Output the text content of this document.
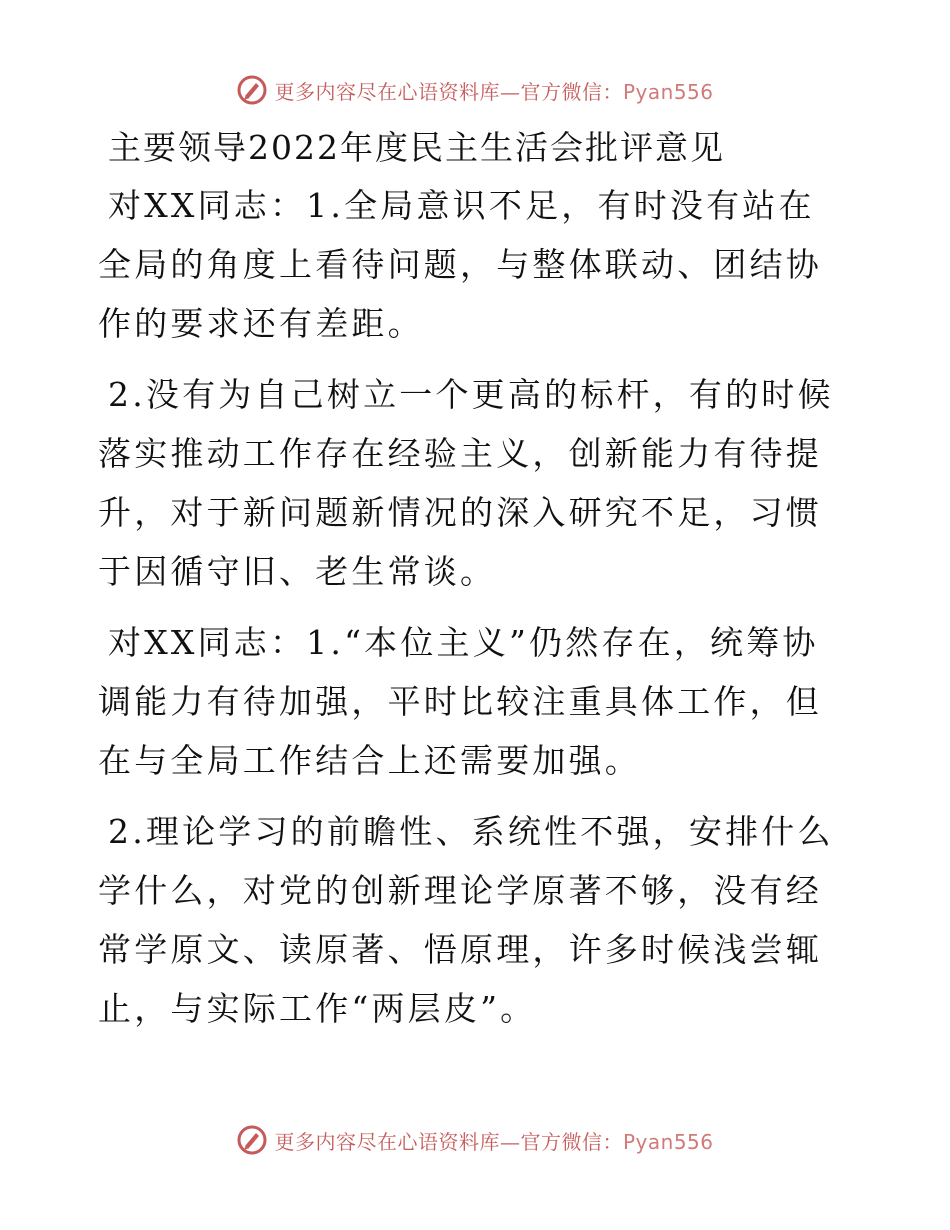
更多内容尽在心语资料库—官方微信：Pyan556
主要领导2022年度民主生活会批评意见

对XX同志：1.全局意识不足，有时没有站在全局的角度上看待问题，与整体联动、团结协作的要求还有差距。

2.没有为自己树立一个更高的标杆，有的时候落实推动工作存在经验主义，创新能力有待提升，对于新问题新情况的深入研究不足，习惯于因循守旧、老生常谈。

对XX同志：1.“本位主义”仍然存在，统筹协调能力有待加强，平时比较注重具体工作，但在与全局工作结合上还需要加强。

2.理论学习的前瞻性、系统性不强，安排什么学什么，对党的创新理论学原著不够，没有经常学原文、读原著、悟原理，许多时候浅尝辄止，与实际工作“两层皮”。

更多内容尽在心语资料库—官方微信：Pyan556
